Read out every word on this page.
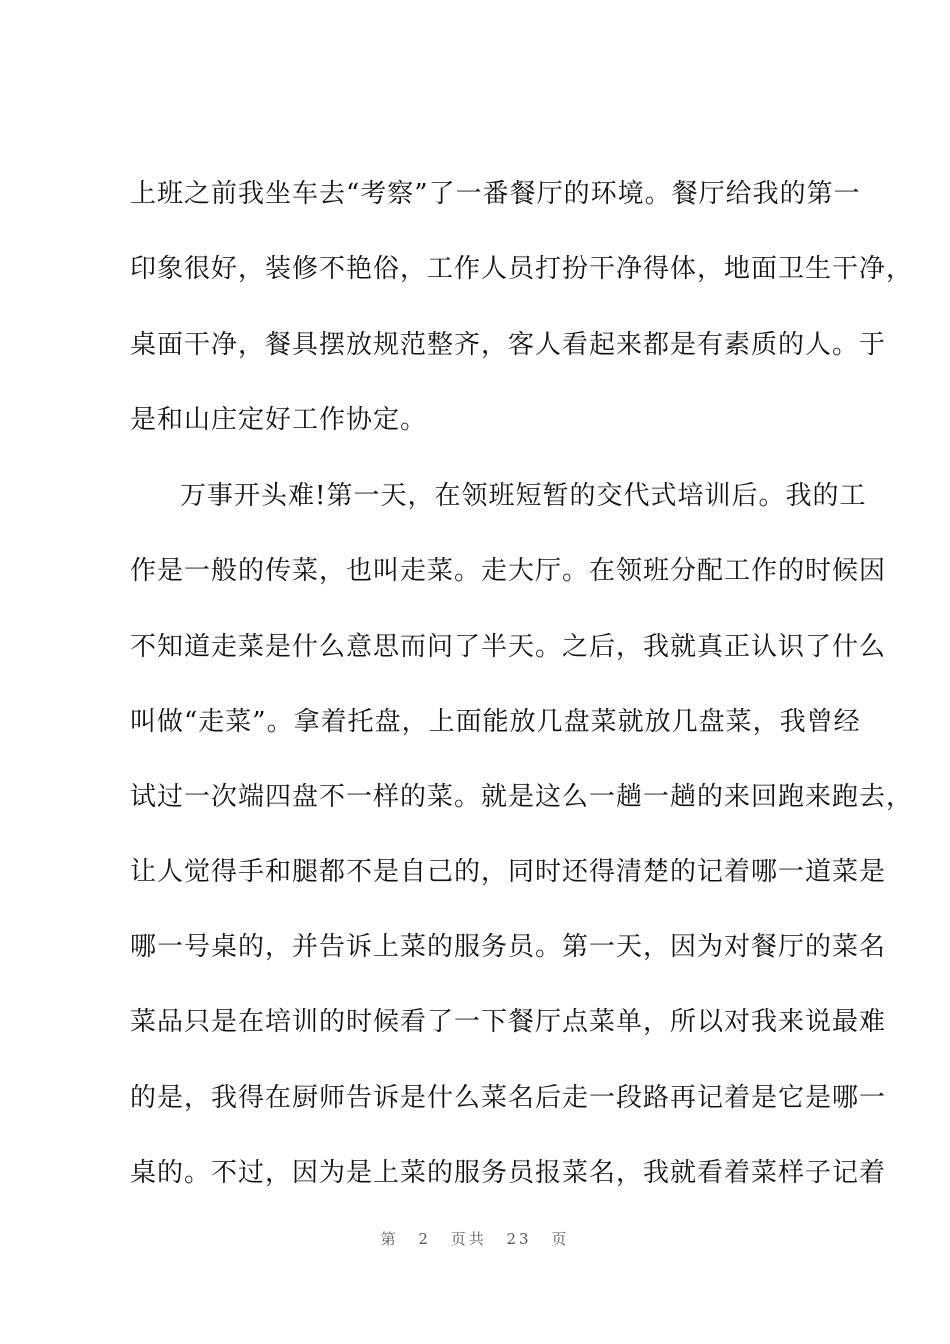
上班之前我坐车去“考察”了一番餐厅的环境。餐厅给我的第一
印象很好，装修不艳俗，工作人员打扮干净得体，地面卫生干净，
桌面干净，餐具摆放规范整齐，客人看起来都是有素质的人。于
是和山庄定好工作协定。
万事开头难!第一天，在领班短暂的交代式培训后。我的工
作是一般的传菜，也叫走菜。走大厅。在领班分配工作的时候因
不知道走菜是什么意思而问了半天。之后，我就真正认识了什么
叫做“走菜”。拿着托盘，上面能放几盘菜就放几盘菜，我曾经
试过一次端四盘不一样的菜。就是这么一趟一趟的来回跑来跑去，
让人觉得手和腿都不是自己的，同时还得清楚的记着哪一道菜是
哪一号桌的，并告诉上菜的服务员。第一天，因为对餐厅的菜名
菜品只是在培训的时候看了一下餐厅点菜单，所以对我来说最难
的是，我得在厨师告诉是什么菜名后走一段路再记着是它是哪一
桌的。不过，因为是上菜的服务员报菜名，我就看着菜样子记着
第 2 页共 23 页
